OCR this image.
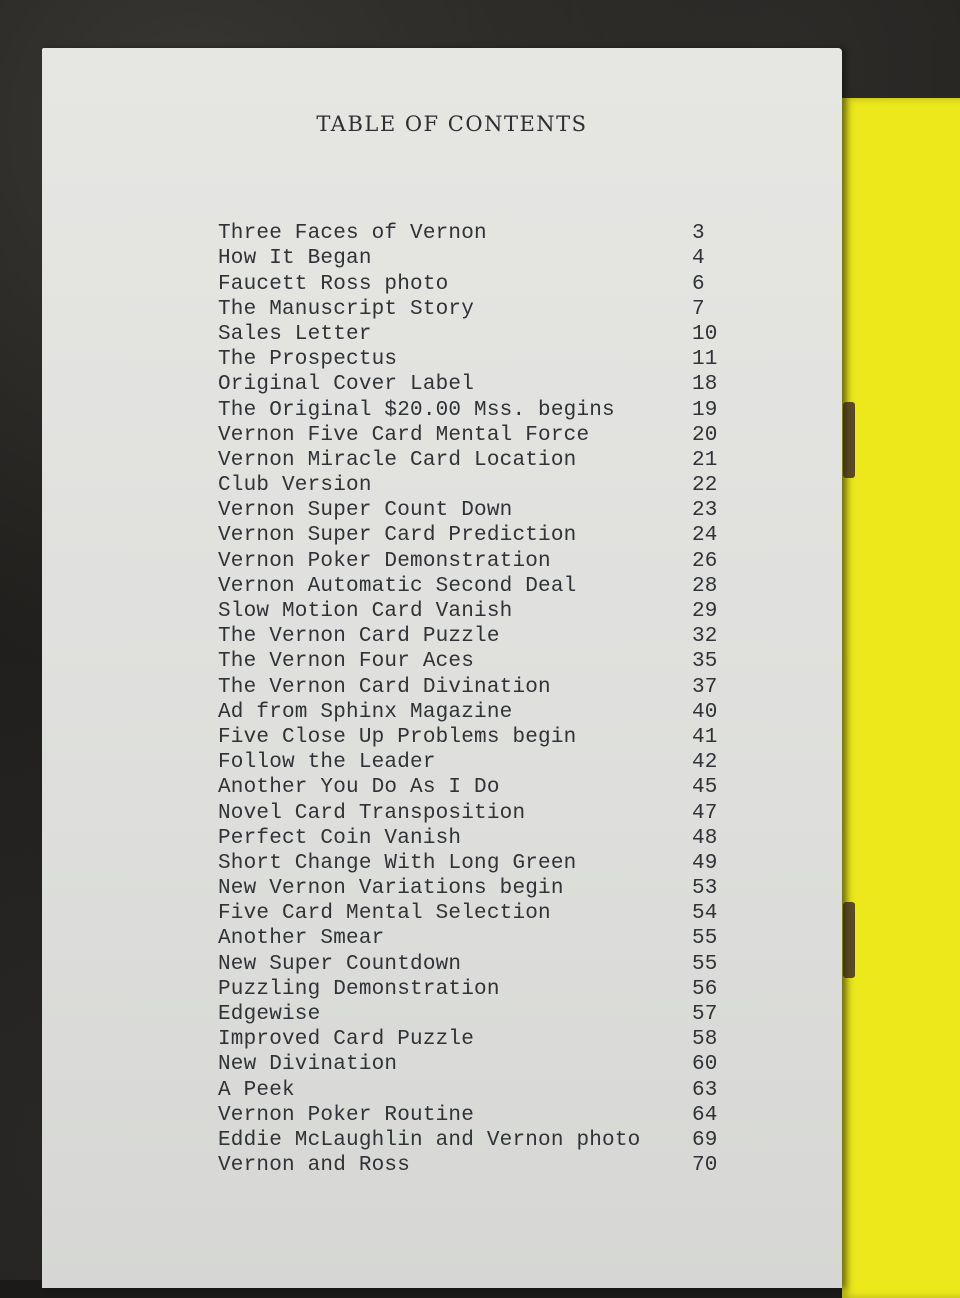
TABLE OF CONTENTS
Three Faces of Vernon	3
How It Began	4
Faucett Ross photo	6
The Manuscript Story	7
Sales Letter	10
The Prospectus	11
Original Cover Label	18
The Original $20.00 Mss. begins	19
Vernon Five Card Mental Force	20
Vernon Miracle Card Location	21
Club Version	22
Vernon Super Count Down	23
Vernon Super Card Prediction	24
Vernon Poker Demonstration	26
Vernon Automatic Second Deal	28
Slow Motion Card Vanish	29
The Vernon Card Puzzle	32
The Vernon Four Aces	35
The Vernon Card Divination	37
Ad from Sphinx Magazine	40
Five Close Up Problems begin	41
Follow the Leader	42
Another You Do As I Do	45
Novel Card Transposition	47
Perfect Coin Vanish	48
Short Change With Long Green	49
New Vernon Variations begin	53
Five Card Mental Selection	54
Another Smear	55
New Super Countdown	55
Puzzling Demonstration	56
Edgewise	57
Improved Card Puzzle	58
New Divination	60
A Peek	63
Vernon Poker Routine	64
Eddie McLaughlin and Vernon photo 69
Vernon and Ross	70
